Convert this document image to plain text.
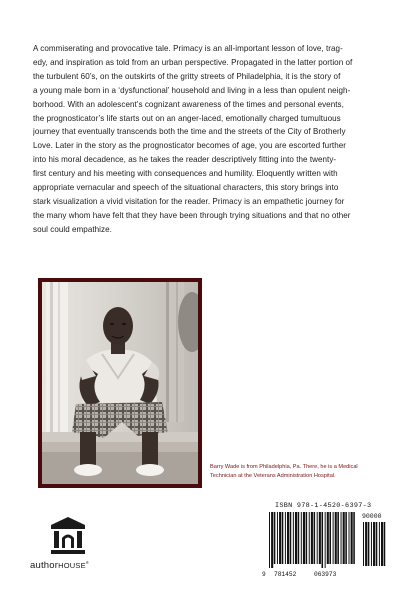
A commiserating and provocative tale. Primacy is an all-important lesson of love, trag-
edy, and inspiration as told from an urban perspective. Propagated in the latter portion of
the turbulent 60’s, on the outskirts of the gritty streets of Philadelphia, it is the story of
a young male born in a ‘dysfunctional’ household and living in a less than opulent neigh-
borhood. With an adolescent’s cognizant awareness of the times and personal events,
the prognosticator’s life starts out on an anger-laced, emotionally charged tumultuous
journey that eventually transcends both the time and the streets of the City of Brotherly
Love. Later in the story as the prognosticator becomes of age, you are escorted further
into his moral decadence, as he takes the reader descriptively fitting into the twenty-
first century and his meeting with consequences and humility. Eloquently written with
appropriate vernacular and speech of the situational characters, this story brings into
stark visualization a vivid visitation for the reader. Primacy is an empathetic journey for
the many whom have felt that they have been through trying situations and that no other
soul could empathize.
Barry Wade is from Philadelphia, Pa. There, he is a Medical
Technician at the Veterans Administration Hospital.
authorHOUSE®
ISBN 978-1-4520-6397-3
90000
9 781452	063973
